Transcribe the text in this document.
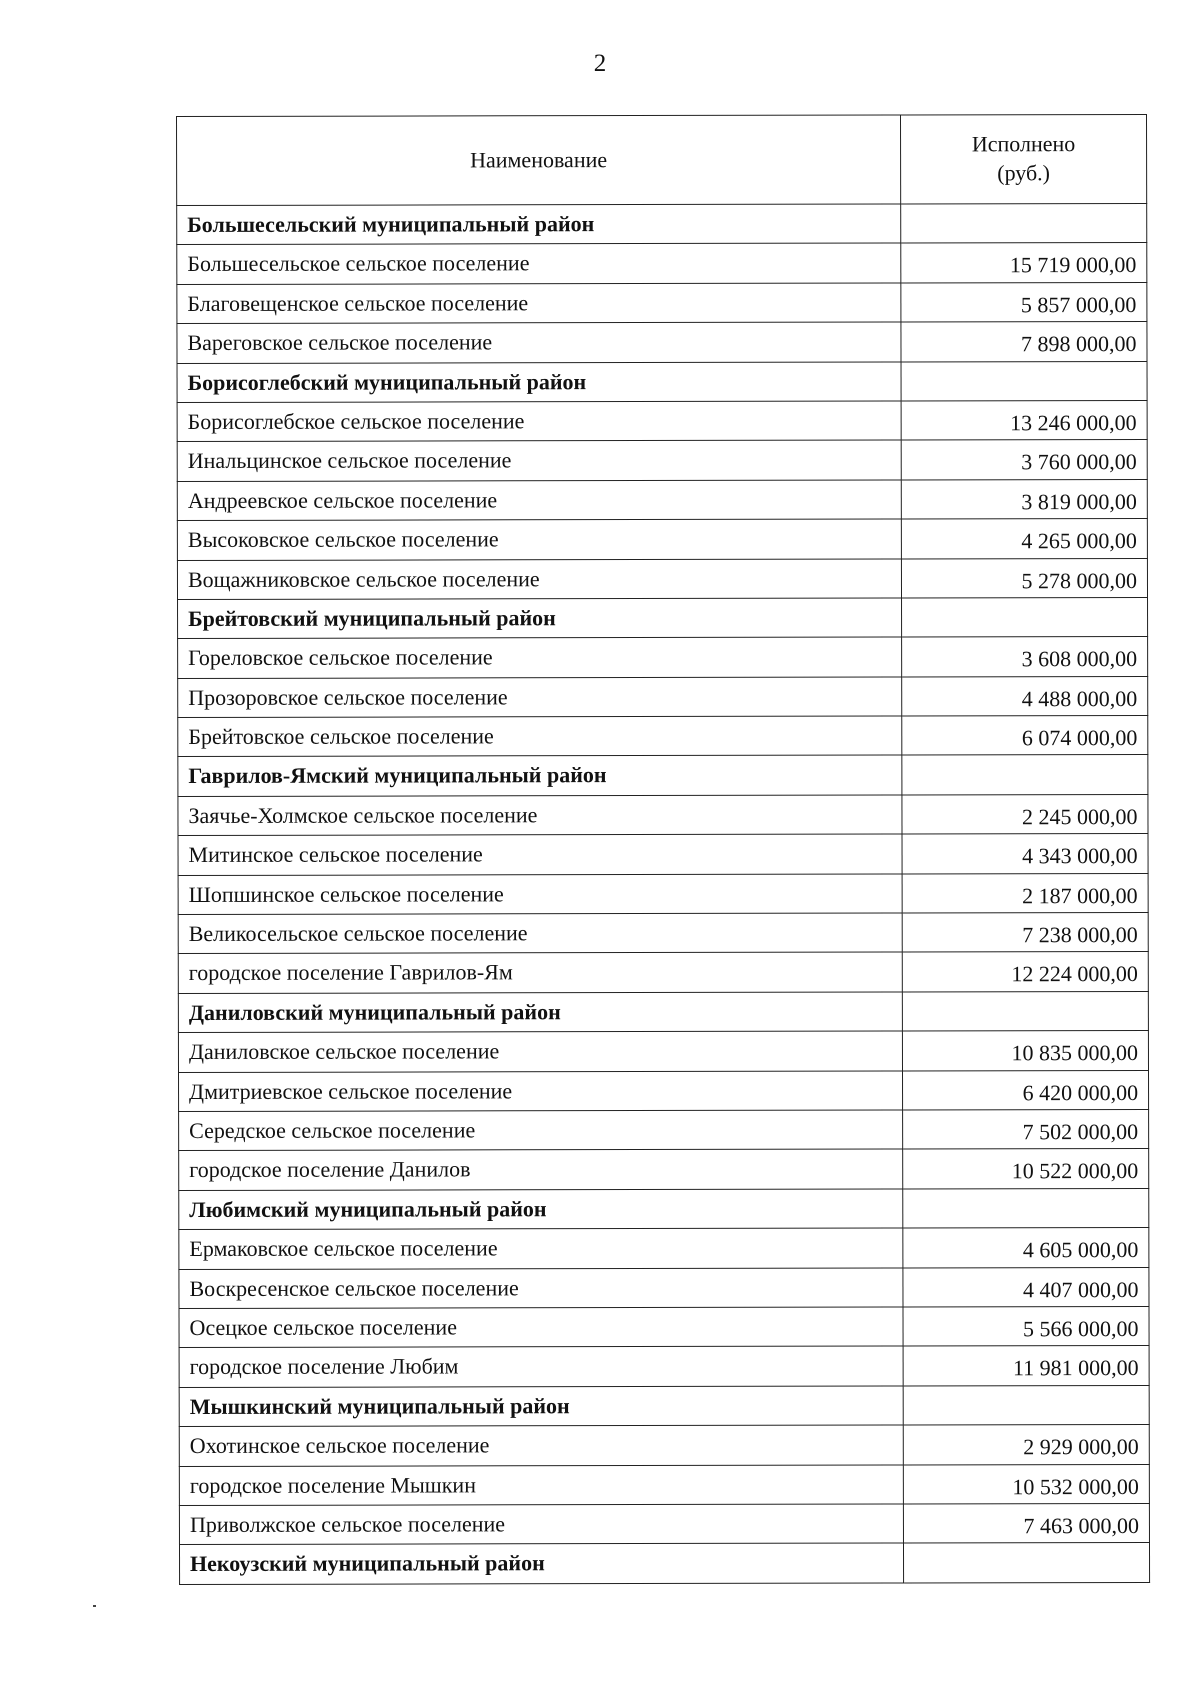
2
Наименование	Исполнено
(руб.)
Большесельский муниципальный район	
Большесельское сельское поселение	15 719 000,00
Благовещенское сельское поселение	5 857 000,00
Вареговское сельское поселение	7 898 000,00
Борисоглебский муниципальный район	
Борисоглебское сельское поселение	13 246 000,00
Инальцинское сельское поселение	3 760 000,00
Андреевское сельское поселение	3 819 000,00
Высоковское сельское поселение	4 265 000,00
Вощажниковское сельское поселение	5 278 000,00
Брейтовский муниципальный район	
Гореловское сельское поселение	3 608 000,00
Прозоровское сельское поселение	4 488 000,00
Брейтовское сельское поселение	6 074 000,00
Гаврилов-Ямский муниципальный район	
Заячье-Холмское сельское поселение	2 245 000,00
Митинское сельское поселение	4 343 000,00
Шопшинское сельское поселение	2 187 000,00
Великосельское сельское поселение	7 238 000,00
городское поселение Гаврилов-Ям	12 224 000,00
Даниловский муниципальный район	
Даниловское сельское поселение	10 835 000,00
Дмитриевское сельское поселение	6 420 000,00
Середское сельское поселение	7 502 000,00
городское поселение Данилов	10 522 000,00
Любимский муниципальный район	
Ермаковское сельское поселение	4 605 000,00
Воскресенское сельское поселение	4 407 000,00
Осецкое сельское поселение	5 566 000,00
городское поселение Любим	11 981 000,00
Мышкинский муниципальный район	
Охотинское сельское поселение	2 929 000,00
городское поселение Мышкин	10 532 000,00
Приволжское сельское поселение	7 463 000,00
Некоузский муниципальный район	
